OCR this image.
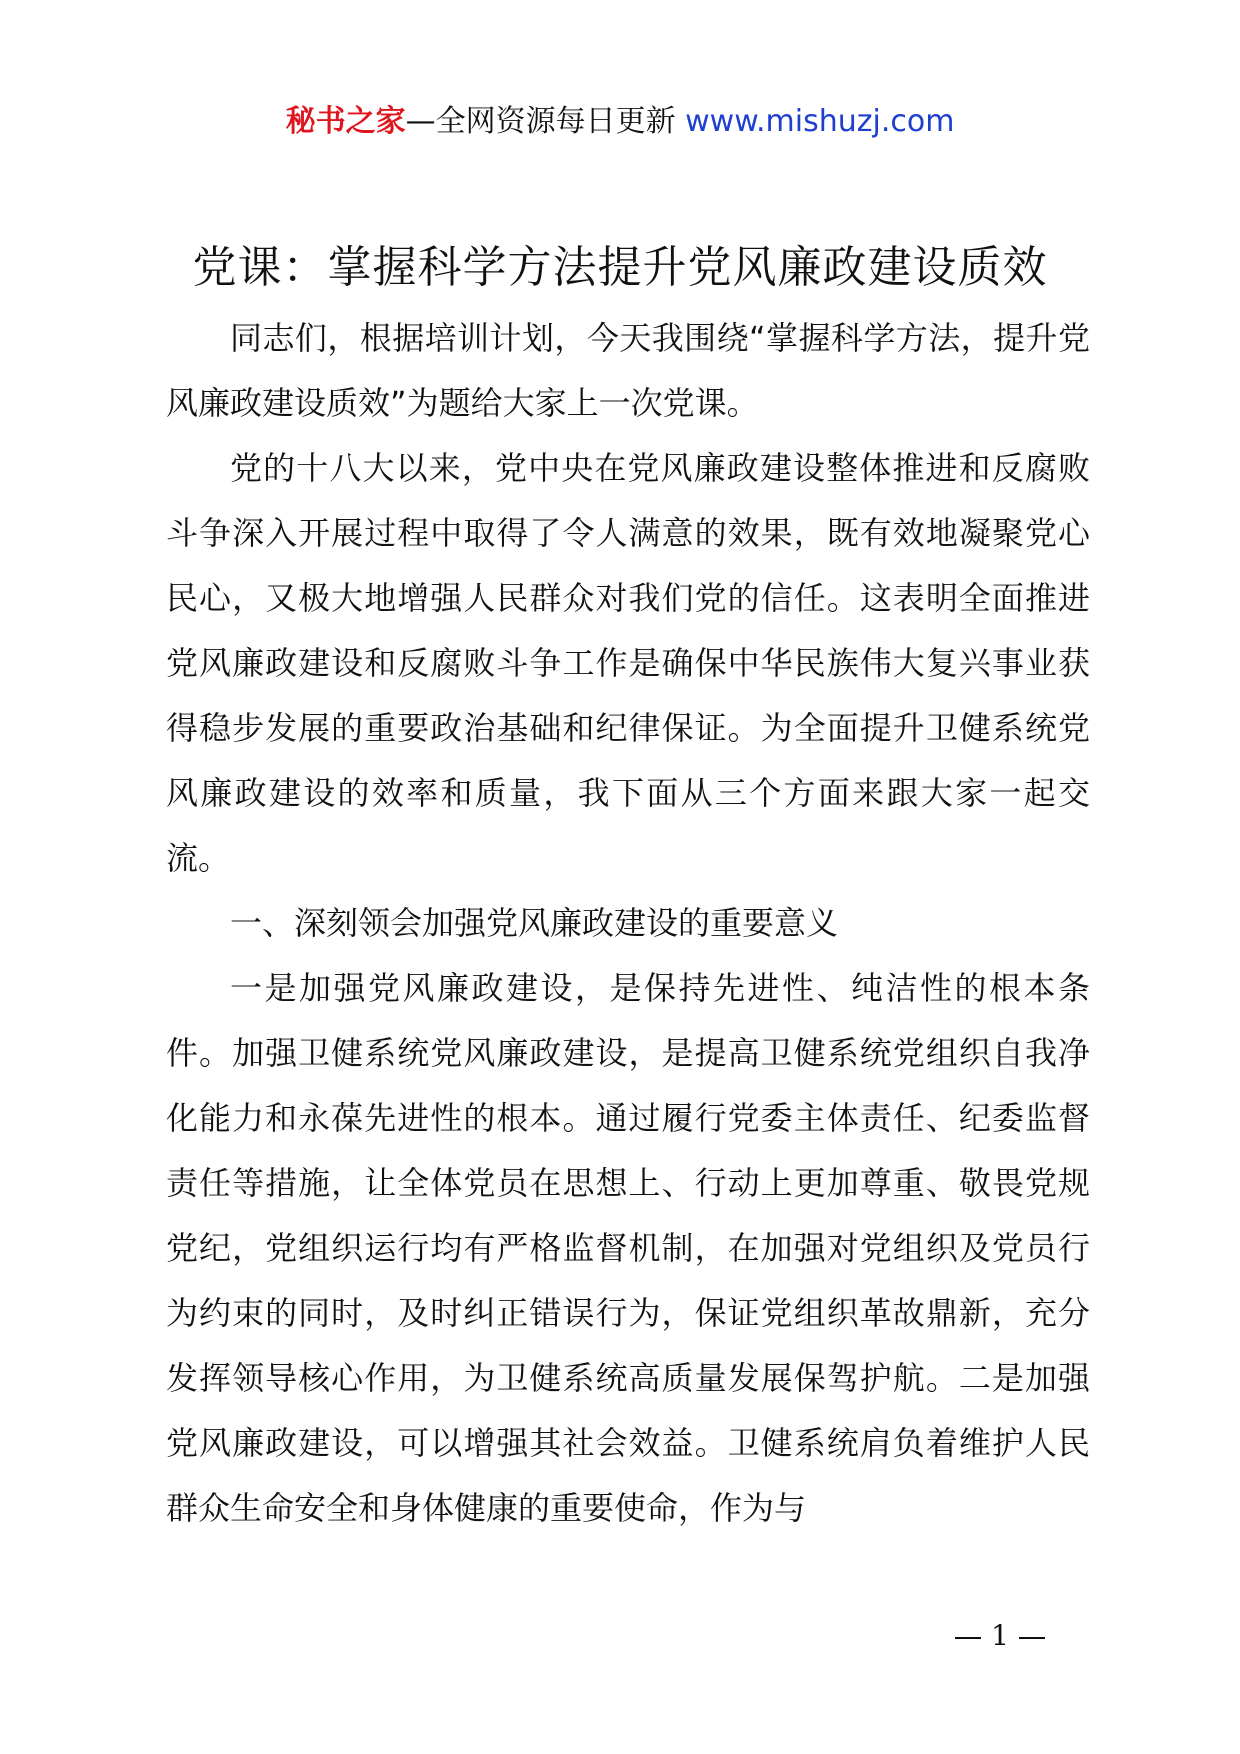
秘书之家—全网资源每日更新 www.mishuzj.com
党课：掌握科学方法提升党风廉政建设质效

同志们，根据培训计划，今天我围绕“掌握科学方法，提升党风廉政建设质效”为题给大家上一次党课。

党的十八大以来，党中央在党风廉政建设整体推进和反腐败斗争深入开展过程中取得了令人满意的效果，既有效地凝聚党心民心，又极大地增强人民群众对我们党的信任。这表明全面推进党风廉政建设和反腐败斗争工作是确保中华民族伟大复兴事业获得稳步发展的重要政治基础和纪律保证。为全面提升卫健系统党风廉政建设的效率和质量，我下面从三个方面来跟大家一起交流。

一、深刻领会加强党风廉政建设的重要意义

一是加强党风廉政建设，是保持先进性、纯洁性的根本条件。加强卫健系统党风廉政建设，是提高卫健系统党组织自我净化能力和永葆先进性的根本。通过履行党委主体责任、纪委监督责任等措施，让全体党员在思想上、行动上更加尊重、敬畏党规党纪，党组织运行均有严格监督机制，在加强对党组织及党员行为约束的同时，及时纠正错误行为，保证党组织革故鼎新，充分发挥领导核心作用，为卫健系统高质量发展保驾护航。二是加强党风廉政建设，可以增强其社会效益。卫健系统肩负着维护人民群众生命安全和身体健康的重要使命，作为与

1
